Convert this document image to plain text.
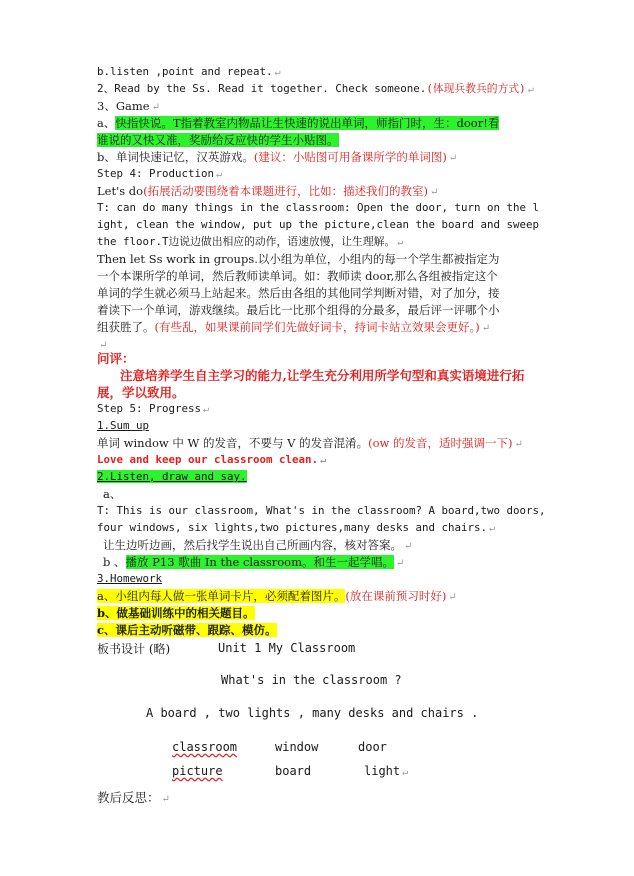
b.listen ,point and repeat. ↵
2、Read by the Ss. Read it together. Check someone.(体现兵教兵的方式) ↵
3、Game ↵
a、快指快说。T指着教室内物品让生快速的说出单词，师指门时，生：door!看
谁说的又快又准，奖励给反应快的学生小贴图。
b、单词快速记忆，汉英游戏。(建议：小贴图可用备课所学的单词图) ↵
Step 4: Production ↵
Let's do(拓展活动要围绕着本课题进行，比如：描述我们的教室) ↵
T: can do many things in the classroom: Open the door, turn on the l
ight, clean the window, put up the picture,clean the board and sweep
the floor.T边说边做出相应的动作，语速放慢，让生理解。 ↵
Then let Ss work in groups.以小组为单位，小组内的每一个学生都被指定为
一个本课所学的单词，然后教师读单词。如：教师读 door,那么各组被指定这个
单词的学生就必须马上站起来。然后由各组的其他同学判断对错，对了加分，接
着读下一个单词，游戏继续。最后比一比那个组得的分最多，最后评一评哪个小
组获胜了。(有些乱，如果课前同学们先做好词卡，持词卡站立效果会更好。) ↵
↵
问评：
注意培养学生自主学习的能力,让学生充分利用所学句型和真实语境进行拓
展，学以致用。
Step 5: Progress ↵
1.Sum up
单词 window 中 W 的发音，不要与 V 的发音混淆。(ow 的发音，适时强调一下) ↵
Love and keep our classroom clean. ↵
2.Listen, draw and say.
a、
T: This is our classroom, What's in the classroom? A board,two doors,
four windows, six lights,two pictures,many desks and chairs. ↵
让生边听边画，然后找学生说出自己所画内容，核对答案。 ↵
b 、播放 P13 歌曲 In the classroom。和生一起学唱。 ↵
3.Homework
a、小组内每人做一张单词卡片，必须配着图片。(放在课前预习时好) ↵
b、做基础训练中的相关题目。
c、课后主动听磁带、跟踪、模仿。
板书设计 (略)	Unit 1 My Classroom
What's in the classroom ?
A board , two lights , many desks and chairs .
classroom	window	door
picture	board	light ↵
教后反思： ↵
